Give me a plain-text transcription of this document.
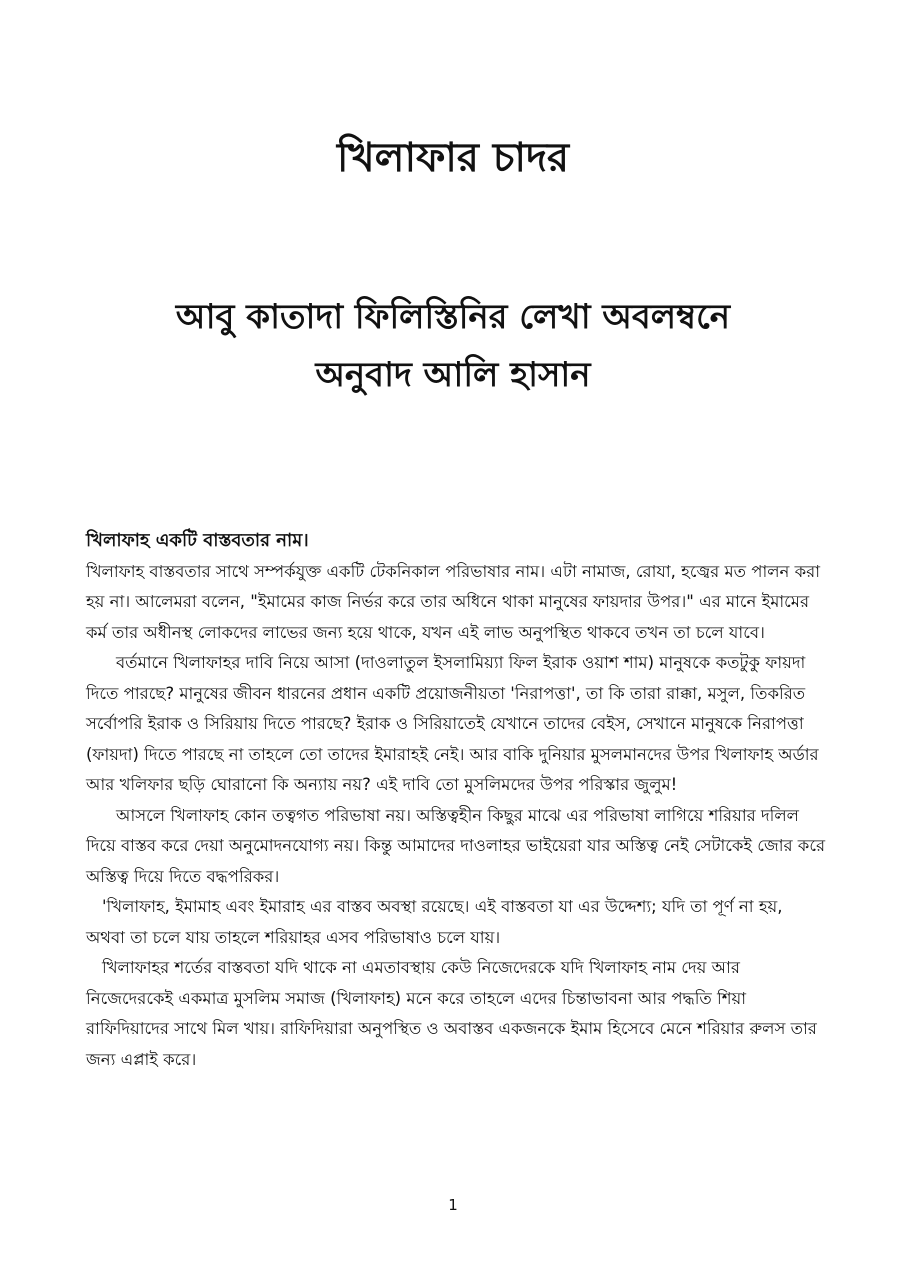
খিলাফার চাদর
আবু কাতাদা ফিলিস্তিনির লেখা অবলম্বনে
অনুবাদ আলি হাসান

খিলাফাহ একটি বাস্তবতার নাম।

খিলাফাহ বাস্তবতার সাথে সম্পর্কযুক্ত একটি টেকনিকাল পরিভাষার নাম। এটা নামাজ, রোযা, হজ্বের মত পালন করা হয় না। আলেমরা বলেন, "ইমামের কাজ নির্ভর করে তার অধিনে থাকা মানুষের ফায়দার উপর।" এর মানে ইমামের কর্ম তার অধীনস্থ লোকদের লাভের জন্য হয়ে থাকে, যখন এই লাভ অনুপস্থিত থাকবে তখন তা চলে যাবে।

বর্তমানে খিলাফাহর দাবি নিয়ে আসা (দাওলাতুল ইসলামিয়্যা ফিল ইরাক ওয়াশ শাম) মানুষকে কতটুকু ফায়দা দিতে পারছে? মানুষের জীবন ধারনের প্রধান একটি প্রয়োজনীয়তা 'নিরাপত্তা', তা কি তারা রাক্কা, মসুল, তিকরিত সর্বোপরি ইরাক ও সিরিয়ায় দিতে পারছে? ইরাক ও সিরিয়াতেই যেখানে তাদের বেইস, সেখানে মানুষকে নিরাপত্তা (ফায়দা) দিতে পারছে না তাহলে তো তাদের ইমারাহই নেই। আর বাকি দুনিয়ার মুসলমানদের উপর খিলাফাহ অর্ডার আর খলিফার ছড়ি ঘোরানো কি অন্যায় নয়? এই দাবি তো মুসলিমদের উপর পরিস্কার জুলুম!

আসলে খিলাফাহ কোন তত্বগত পরিভাষা নয়। অস্তিত্বহীন কিছুর মাঝে এর পরিভাষা লাগিয়ে শরিয়ার দলিল দিয়ে বাস্তব করে দেয়া অনুমোদনযোগ্য নয়। কিন্তু আমাদের দাওলাহর ভাইয়েরা যার অস্তিত্ব নেই সেটাকেই জোর করে অস্তিত্ব দিয়ে দিতে বদ্ধপরিকর।

'খিলাফাহ, ইমামাহ এবং ইমারাহ এর বাস্তব অবস্থা রয়েছে। এই বাস্তবতা যা এর উদ্দেশ্য; যদি তা পূর্ণ না হয়, অথবা তা চলে যায় তাহলে শরিয়াহর এসব পরিভাষাও চলে যায়।

খিলাফাহর শর্তের বাস্তবতা যদি থাকে না এমতাবস্থায় কেউ নিজেদেরকে যদি খিলাফাহ নাম দেয় আর নিজেদেরকেই একমাত্র মুসলিম সমাজ (খিলাফাহ) মনে করে তাহলে এদের চিন্তাভাবনা আর পদ্ধতি শিয়া রাফিদিয়াদের সাথে মিল খায়। রাফিদিয়ারা অনুপস্থিত ও অবাস্তব একজনকে ইমাম হিসেবে মেনে শরিয়ার রুলস তার জন্য এপ্লাই করে।

1
